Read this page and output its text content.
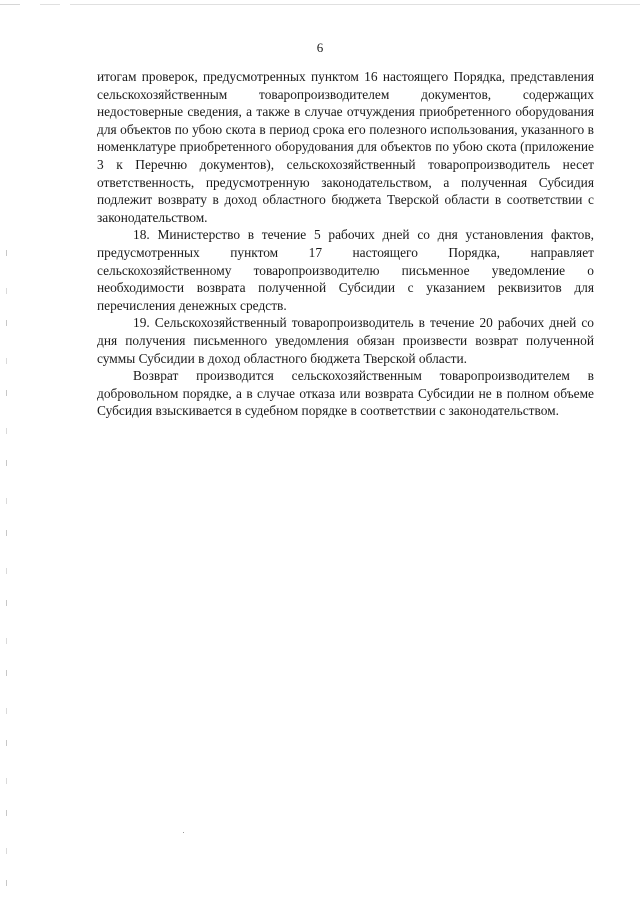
6

итогам проверок, предусмотренных пунктом 16 настоящего Порядка, представления сельскохозяйственным товаропроизводителем документов, содержащих недостоверные сведения, а также в случае отчуждения приобретенного оборудования для объектов по убою скота в период срока его полезного использования, указанного в номенклатуре приобретенного оборудования для объектов по убою скота (приложение 3 к Перечню документов), сельскохозяйственный товаропроизводитель несет ответственность, предусмотренную законодательством, а полученная Субсидия подлежит возврату в доход областного бюджета Тверской области в соответствии с законодательством.

18. Министерство в течение 5 рабочих дней со дня установления фактов, предусмотренных пунктом 17 настоящего Порядка, направляет сельскохозяйственному товаропроизводителю письменное уведомление о необходимости возврата полученной Субсидии с указанием реквизитов для перечисления денежных средств.

19. Сельскохозяйственный товаропроизводитель в течение 20 рабочих дней со дня получения письменного уведомления обязан произвести возврат полученной суммы Субсидии в доход областного бюджета Тверской области.

Возврат производится сельскохозяйственным товаропроизводителем в добровольном порядке, а в случае отказа или возврата Субсидии не в полном объеме Субсидия взыскивается в судебном порядке в соответствии с законодательством.
